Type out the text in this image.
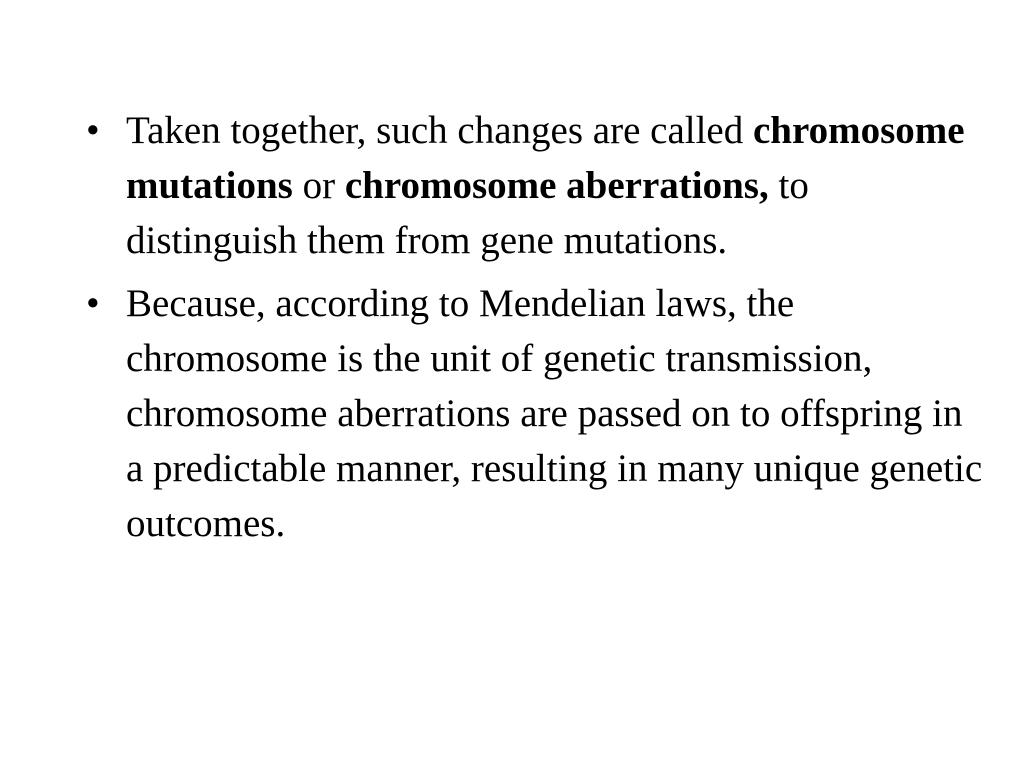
• Taken together, such changes are called chromosome mutations or chromosome aberrations, to distinguish them from gene mutations.
• Because, according to Mendelian laws, the chromosome is the unit of genetic transmission, chromosome aberrations are passed on to offspring in a predictable manner, resulting in many unique genetic outcomes.
